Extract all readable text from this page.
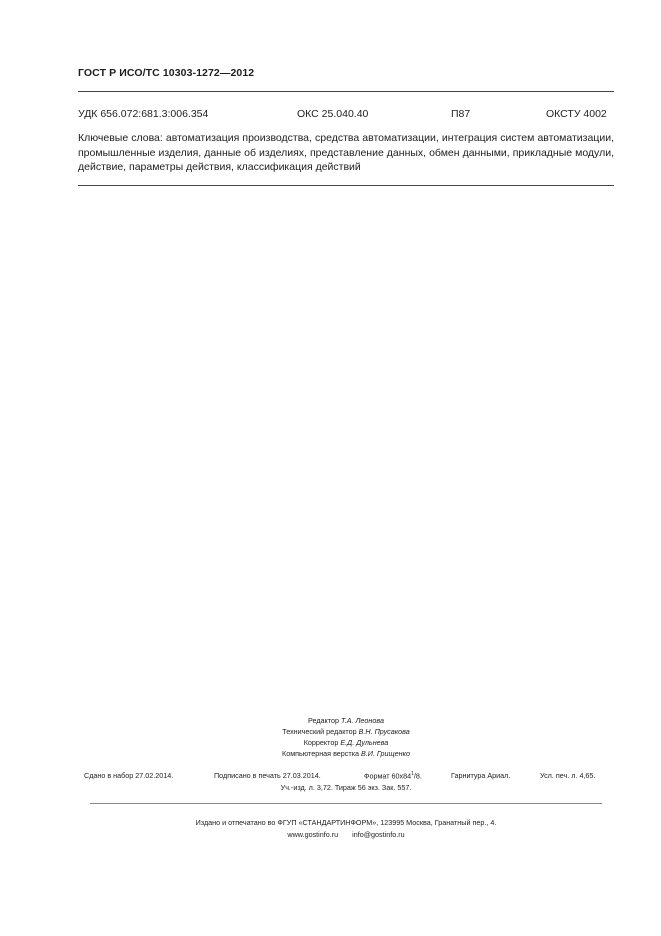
ГОСТ Р ИСО/ТС 10303-1272—2012
УДК 656.072:681.3:006.354	ОКС 25.040.40	П87	ОКСТУ 4002
Ключевые слова: автоматизация производства, средства автоматизации, интеграция систем автоматизации, промышленные изделия, данные об изделиях, представление данных, обмен данными, прикладные модули, действие, параметры действия, классификация действий
Редактор Т.А. Леонова
Технический редактор В.Н. Прусакова
Корректор Е.Д. Дульнева
Компьютерная верстка В.И. Грищенко
Сдано в набор 27.02.2014.	Подписано в печать 27.03.2014.	Формат $60х84^1/8$.	Гарнитура Ариал.	Усл. печ. л. 4,65.
Уч.-изд. л. 3,72. Тираж 56 экз. Зак. 557.
Издано и отпечатано во ФГУП «СТАНДАРТИНФОРМ», 123995 Москва, Гранатный пер., 4.
www.gostinfo.ru info@gostinfo.ru
